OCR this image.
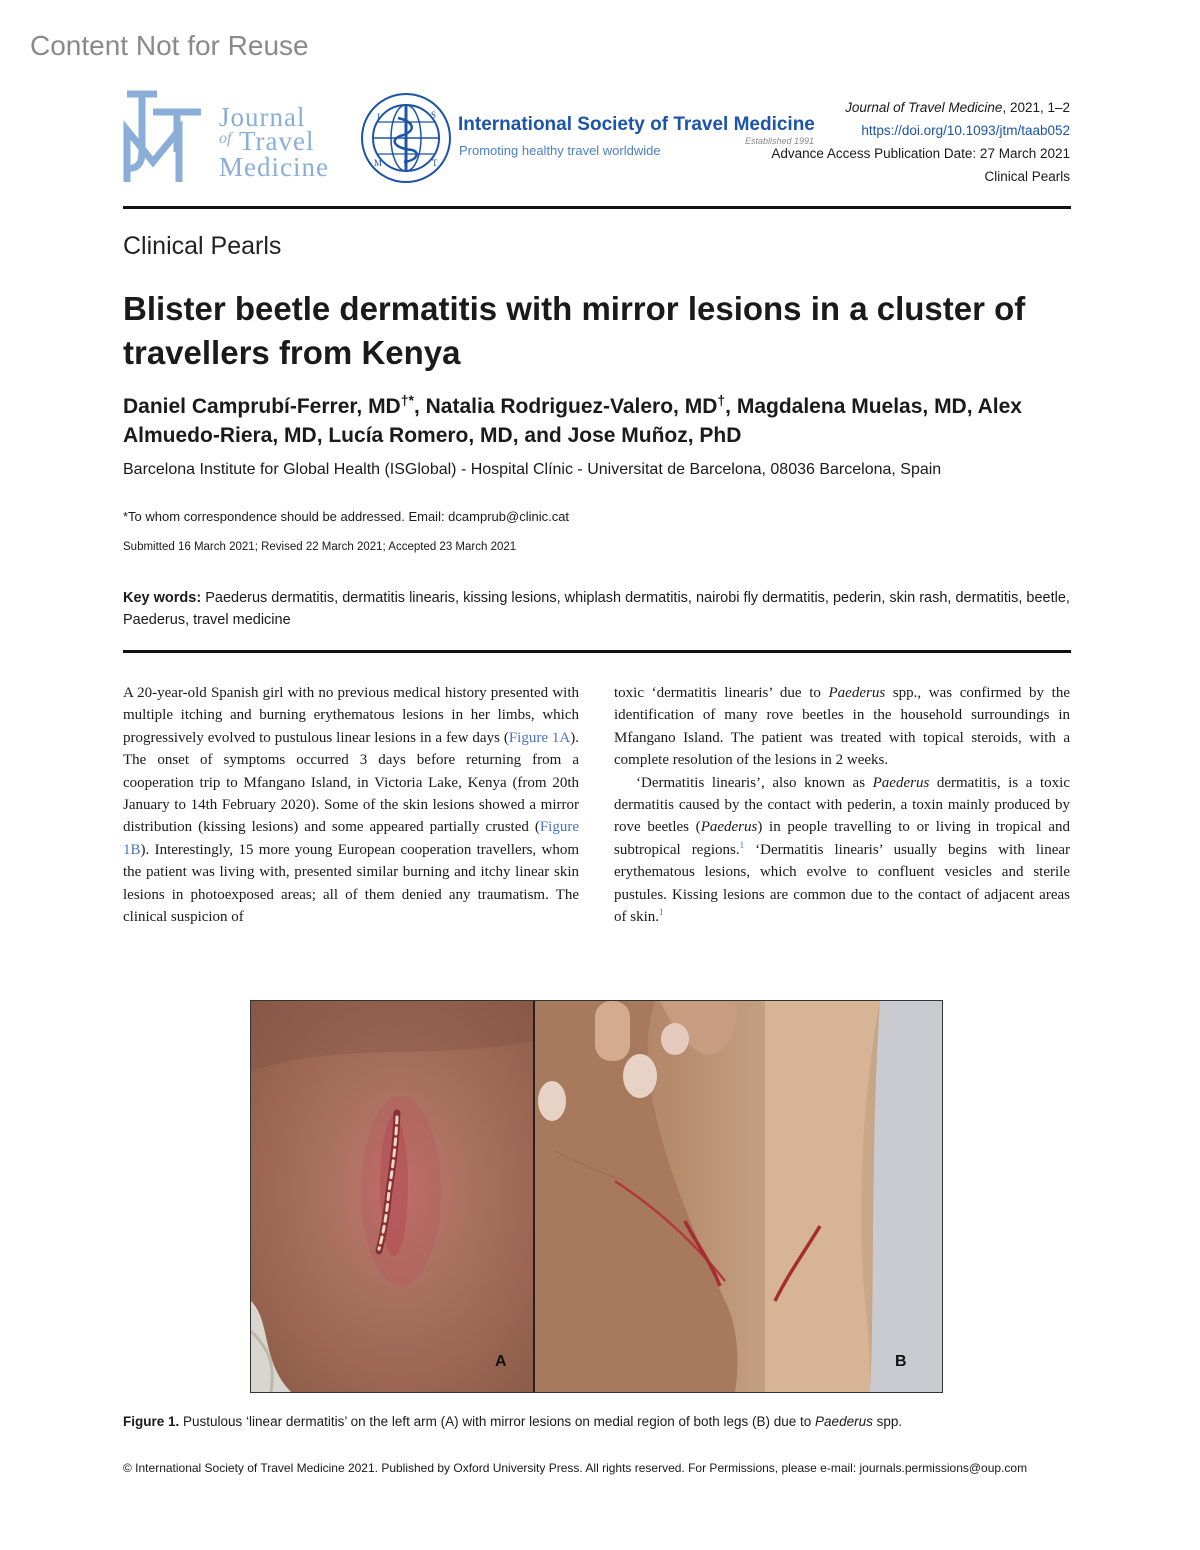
Content Not for Reuse
Journal
of Travel
Medicine
I	S
T
M
International Society of Travel Medicine
Promoting healthy travel worldwide
Established 1991
Journal of Travel Medicine, 2021, 1–2
https://doi.org/10.1093/jtm/taab052
Advance Access Publication Date: 27 March 2021
Clinical Pearls
Clinical Pearls
Blister beetle dermatitis with mirror lesions in a cluster of travellers from Kenya
Daniel Camprubí-Ferrer, MD†*, Natalia Rodriguez-Valero, MD†, Magdalena Muelas, MD, Alex Almuedo-Riera, MD, Lucía Romero, MD, and Jose Muñoz, PhD
Barcelona Institute for Global Health (ISGlobal) - Hospital Clínic - Universitat de Barcelona, 08036 Barcelona, Spain
*To whom correspondence should be addressed. Email: dcamprub@clinic.cat
Submitted 16 March 2021; Revised 22 March 2021; Accepted 23 March 2021
Key words: Paederus dermatitis, dermatitis linearis, kissing lesions, whiplash dermatitis, nairobi fly dermatitis, pederin, skin rash, dermatitis, beetle, Paederus, travel medicine

A 20-year-old Spanish girl with no previous medical history presented with multiple itching and burning erythematous lesions in her limbs, which progressively evolved to pustulous linear lesions in a few days (Figure 1A). The onset of symptoms occurred 3 days before returning from a cooperation trip to Mfangano Island, in Victoria Lake, Kenya (from 20th January to 14th February 2020). Some of the skin lesions showed a mirror distribution (kissing lesions) and some appeared partially crusted (Figure 1B). Interestingly, 15 more young European cooperation travellers, whom the patient was living with, presented similar burning and itchy linear skin lesions in photoexposed areas; all of them denied any traumatism. The clinical suspicion of

toxic ‘dermatitis linearis’ due to Paederus spp., was confirmed by the identification of many rove beetles in the household surroundings in Mfangano Island. The patient was treated with topical steroids, with a complete resolution of the lesions in 2 weeks.

‘Dermatitis linearis’, also known as Paederus dermatitis, is a toxic dermatitis caused by the contact with pederin, a toxin mainly produced by rove beetles (Paederus) in people travelling to or living in tropical and subtropical regions.$^1$ ‘Dermatitis linearis’ usually begins with linear erythematous lesions, which evolve to confluent vesicles and sterile pustules. Kissing lesions are common due to the contact of adjacent areas of skin.$^1$

A	B
Figure 1. Pustulous ‘linear dermatitis’ on the left arm (A) with mirror lesions on medial region of both legs (B) due to Paederus spp.
© International Society of Travel Medicine 2021. Published by Oxford University Press. All rights reserved. For Permissions, please e-mail: journals.permissions@oup.com
